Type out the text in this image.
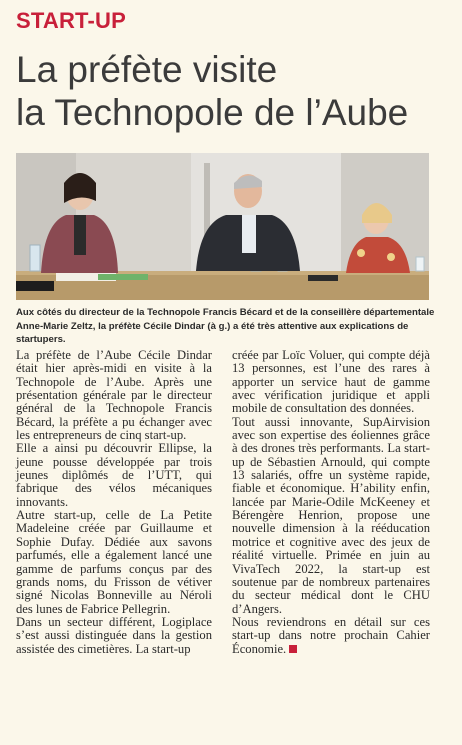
START-UP
La préfète visite
la Technopole de l’Aube

Aux côtés du directeur de la Technopole Francis Bécard et de la conseillère départementale Anne-Marie Zeltz, la préfète Cécile Dindar (à g.) a été très attentive aux explications de startupers.

La préfète de l’Aube Cécile Dindar était hier après-midi en visite à la Technopole de l’Aube. Après une présentation générale par le directeur général de la Technopole Francis Bécard, la préfète a pu échanger avec les entrepreneurs de cinq start-up.

Elle a ainsi pu découvrir Ellipse, la jeune pousse développée par trois jeunes diplômés de l’UTT, qui fabrique des vélos mécaniques innovants.

Autre start-up, celle de La Petite Madeleine créée par Guillaume et Sophie Dufay. Dédiée aux savons parfumés, elle a également lancé une gamme de parfums conçus par des grands noms, du Frisson de vétiver signé Nicolas Bonneville au Néroli des lunes de Fabrice Pellegrin.

Dans un secteur différent, Logiplace s’est aussi distinguée dans la gestion assistée des cimetières. La start-up

créée par Loïc Voluer, qui compte déjà 13 personnes, est l’une des rares à apporter un service haut de gamme avec vérification juridique et appli mobile de consultation des données.

Tout aussi innovante, SupAirvision avec son expertise des éoliennes grâce à des drones très performants. La start-up de Sébastien Arnould, qui compte 13 salariés, offre un système rapide, fiable et économique. H’ability enfin, lancée par Marie-Odile McKeeney et Bérengère Henrion, propose une nouvelle dimension à la rééducation motrice et cognitive avec des jeux de réalité virtuelle. Primée en juin au VivaTech 2022, la start-up est soutenue par de nombreux partenaires du secteur médical dont le CHU d’Angers.

Nous reviendrons en détail sur ces start-up dans notre prochain Cahier Économie.
